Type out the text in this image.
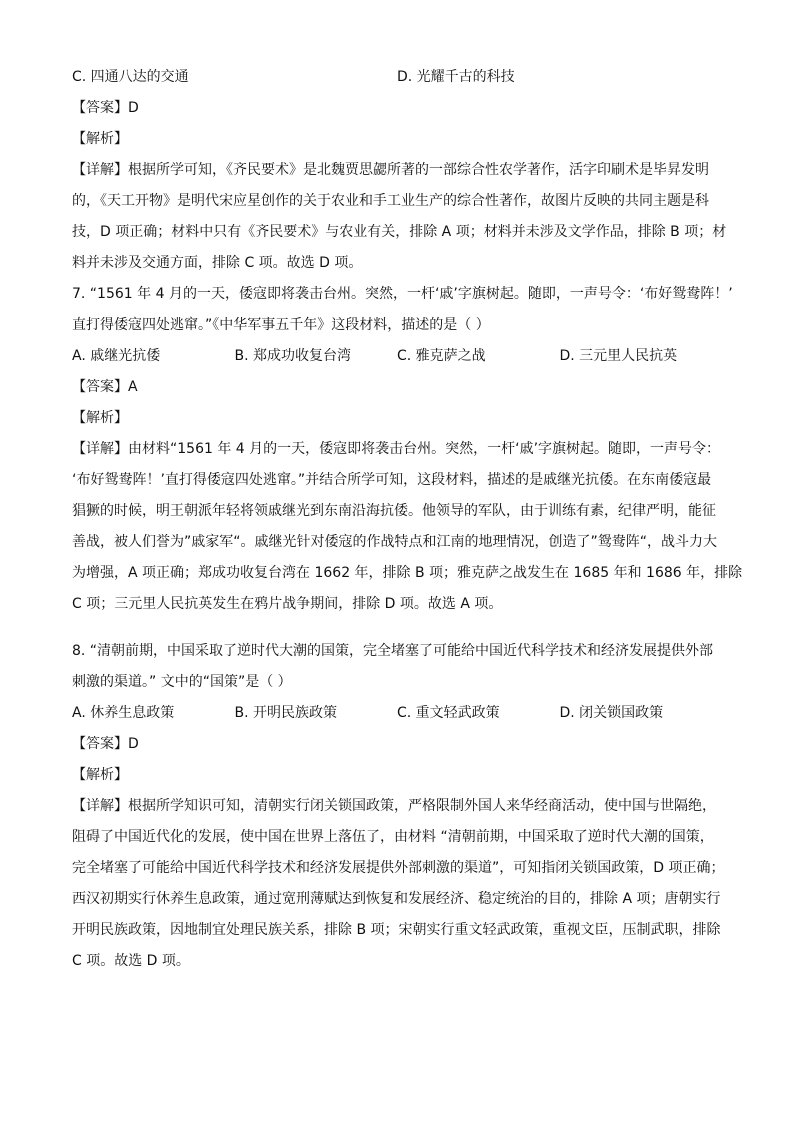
C. 四通八达的交通	D. 光耀千古的科技
【答案】D
【解析】
【详解】根据所学可知，《齐民要术》是北魏贾思勰所著的一部综合性农学著作，活字印刷术是毕昇发明
的，《天工开物》是明代宋应星创作的关于农业和手工业生产的综合性著作，故图片反映的共同主题是科
技，D 项正确；材料中只有《齐民要术》与农业有关，排除 A 项；材料并未涉及文学作品，排除 B 项；材
料并未涉及交通方面，排除 C 项。故选 D 项。
7. “1561 年 4 月的一天，倭寇即将袭击台州。突然，一杆‘戚’字旗树起。随即，一声号令：‘布好鸳鸯阵！’
直打得倭寇四处逃窜。”《中华军事五千年》这段材料，描述的是（ ）
A. 戚继光抗倭	B. 郑成功收复台湾	C. 雅克萨之战	D. 三元里人民抗英
【答案】A
【解析】
【详解】由材料“1561 年 4 月的一天，倭寇即将袭击台州。突然，一杆‘戚’字旗树起。随即，一声号令：
‘布好鸳鸯阵！’直打得倭寇四处逃窜。”并结合所学可知，这段材料，描述的是戚继光抗倭。在东南倭寇最
猖獗的时候，明王朝派年轻将领戚继光到东南沿海抗倭。他领导的军队，由于训练有素，纪律严明，能征
善战，被人们誉为”戚家军“。戚继光针对倭寇的作战特点和江南的地理情况，创造了”鸳鸯阵“，战斗力大
为增强，A 项正确；郑成功收复台湾在 1662 年，排除 B 项；雅克萨之战发生在 1685 年和 1686 年，排除
C 项；三元里人民抗英发生在鸦片战争期间，排除 D 项。故选 A 项。
8. “清朝前期，中国采取了逆时代大潮的国策，完全堵塞了可能给中国近代科学技术和经济发展提供外部
刺激的渠道。” 文中的“国策”是（ ）
A. 休养生息政策	B. 开明民族政策	C. 重文轻武政策	D. 闭关锁国政策
【答案】D
【解析】
【详解】根据所学知识可知，清朝实行闭关锁国政策，严格限制外国人来华经商活动，使中国与世隔绝，
阻碍了中国近代化的发展，使中国在世界上落伍了，由材料 “清朝前期，中国采取了逆时代大潮的国策，
完全堵塞了可能给中国近代科学技术和经济发展提供外部刺激的渠道”，可知指闭关锁国政策，D 项正确；
西汉初期实行休养生息政策，通过宽刑薄赋达到恢复和发展经济、稳定统治的目的，排除 A 项；唐朝实行
开明民族政策，因地制宜处理民族关系，排除 B 项；宋朝实行重文轻武政策，重视文臣，压制武职，排除
C 项。故选 D 项。
